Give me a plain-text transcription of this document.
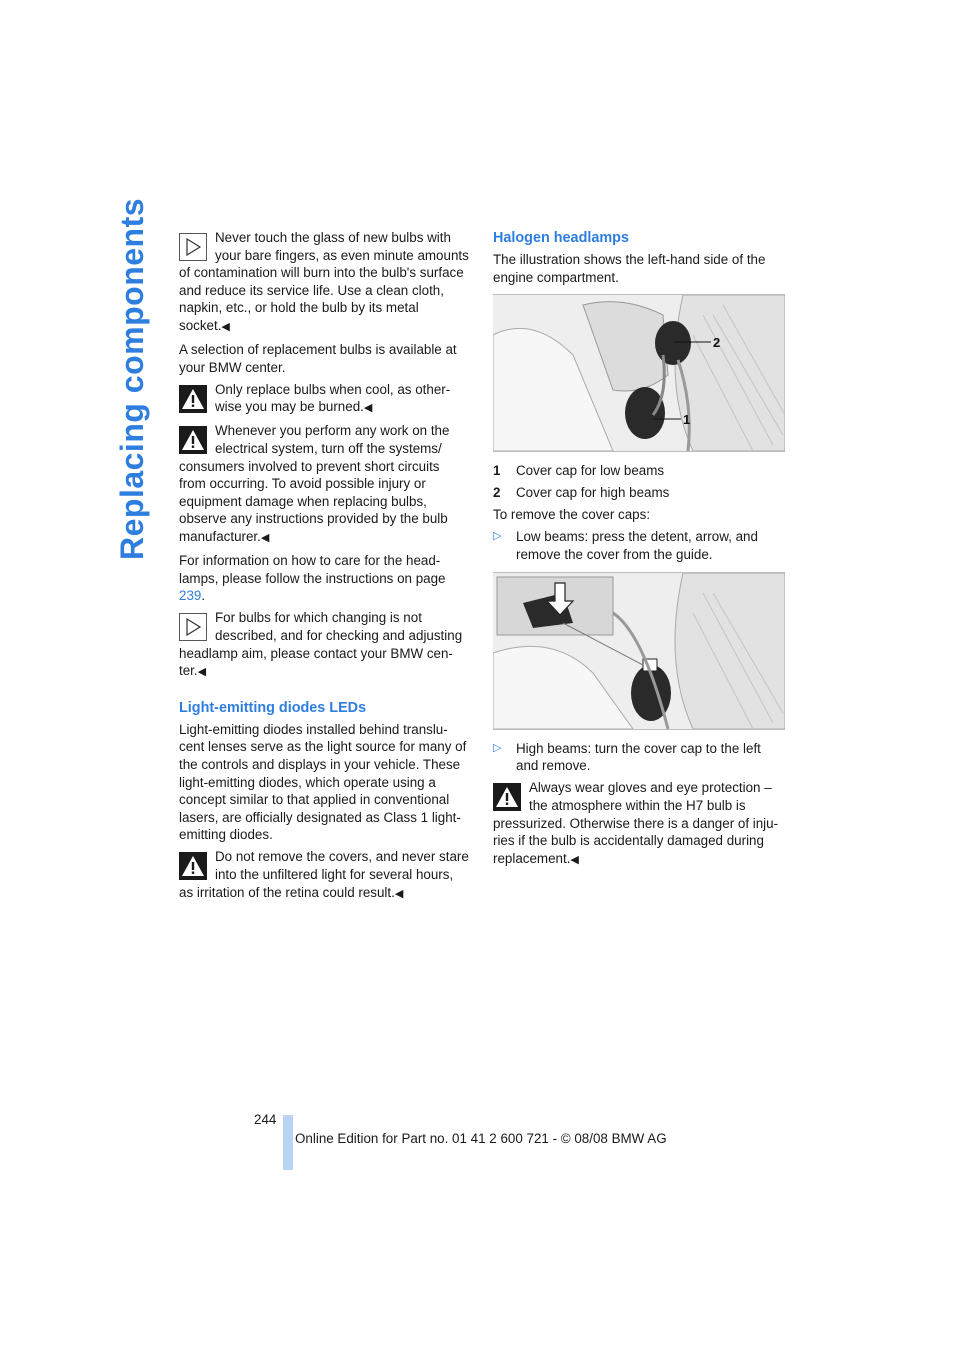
Replacing components	Never touch the glass of new bulbs with your bare fingers, as even minute amounts of contamination will burn into the bulb's surface and reduce its service life. Use a clean cloth, napkin, etc., or hold the bulb by its metal socket.◀

A selection of replacement bulbs is available at your BMW center.

Only replace bulbs when cool, as other-wise you may be burned.◀
Whenever you perform any work on the electrical system, turn off the systems/ consumers involved to prevent short circuits from occurring. To avoid possible injury or equipment damage when replacing bulbs, observe any instructions provided by the bulb manufacturer.◀

For information on how to care for the head-lamps, please follow the instructions on page 239.

For bulbs for which changing is not described, and for checking and adjusting headlamp aim, please contact your BMW cen-ter.◀
Light-emitting diodes LEDs

Light-emitting diodes installed behind translu-cent lenses serve as the light source for many of the controls and displays in your vehicle. These light-emitting diodes, which operate using a concept similar to that applied in conventional lasers, are officially designated as Class 1 light-emitting diodes.

Do not remove the covers, and never stare into the unfiltered light for several hours, as irritation of the retina could result.◀
Halogen headlamps

The illustration shows the left-hand side of the engine compartment.

2
1
1	Cover cap for low beams
2	Cover cap for high beams

To remove the cover caps:

▷	Low beams: press the detent, arrow, and remove the cover from the guide.
▷	High beams: turn the cover cap to the left and remove.
Always wear gloves and eye protection – the atmosphere within the H7 bulb is pressurized. Otherwise there is a danger of inju-ries if the bulb is accidentally damaged during replacement.◀
244
Online Edition for Part no. 01 41 2 600 721 - © 08/08 BMW AG
